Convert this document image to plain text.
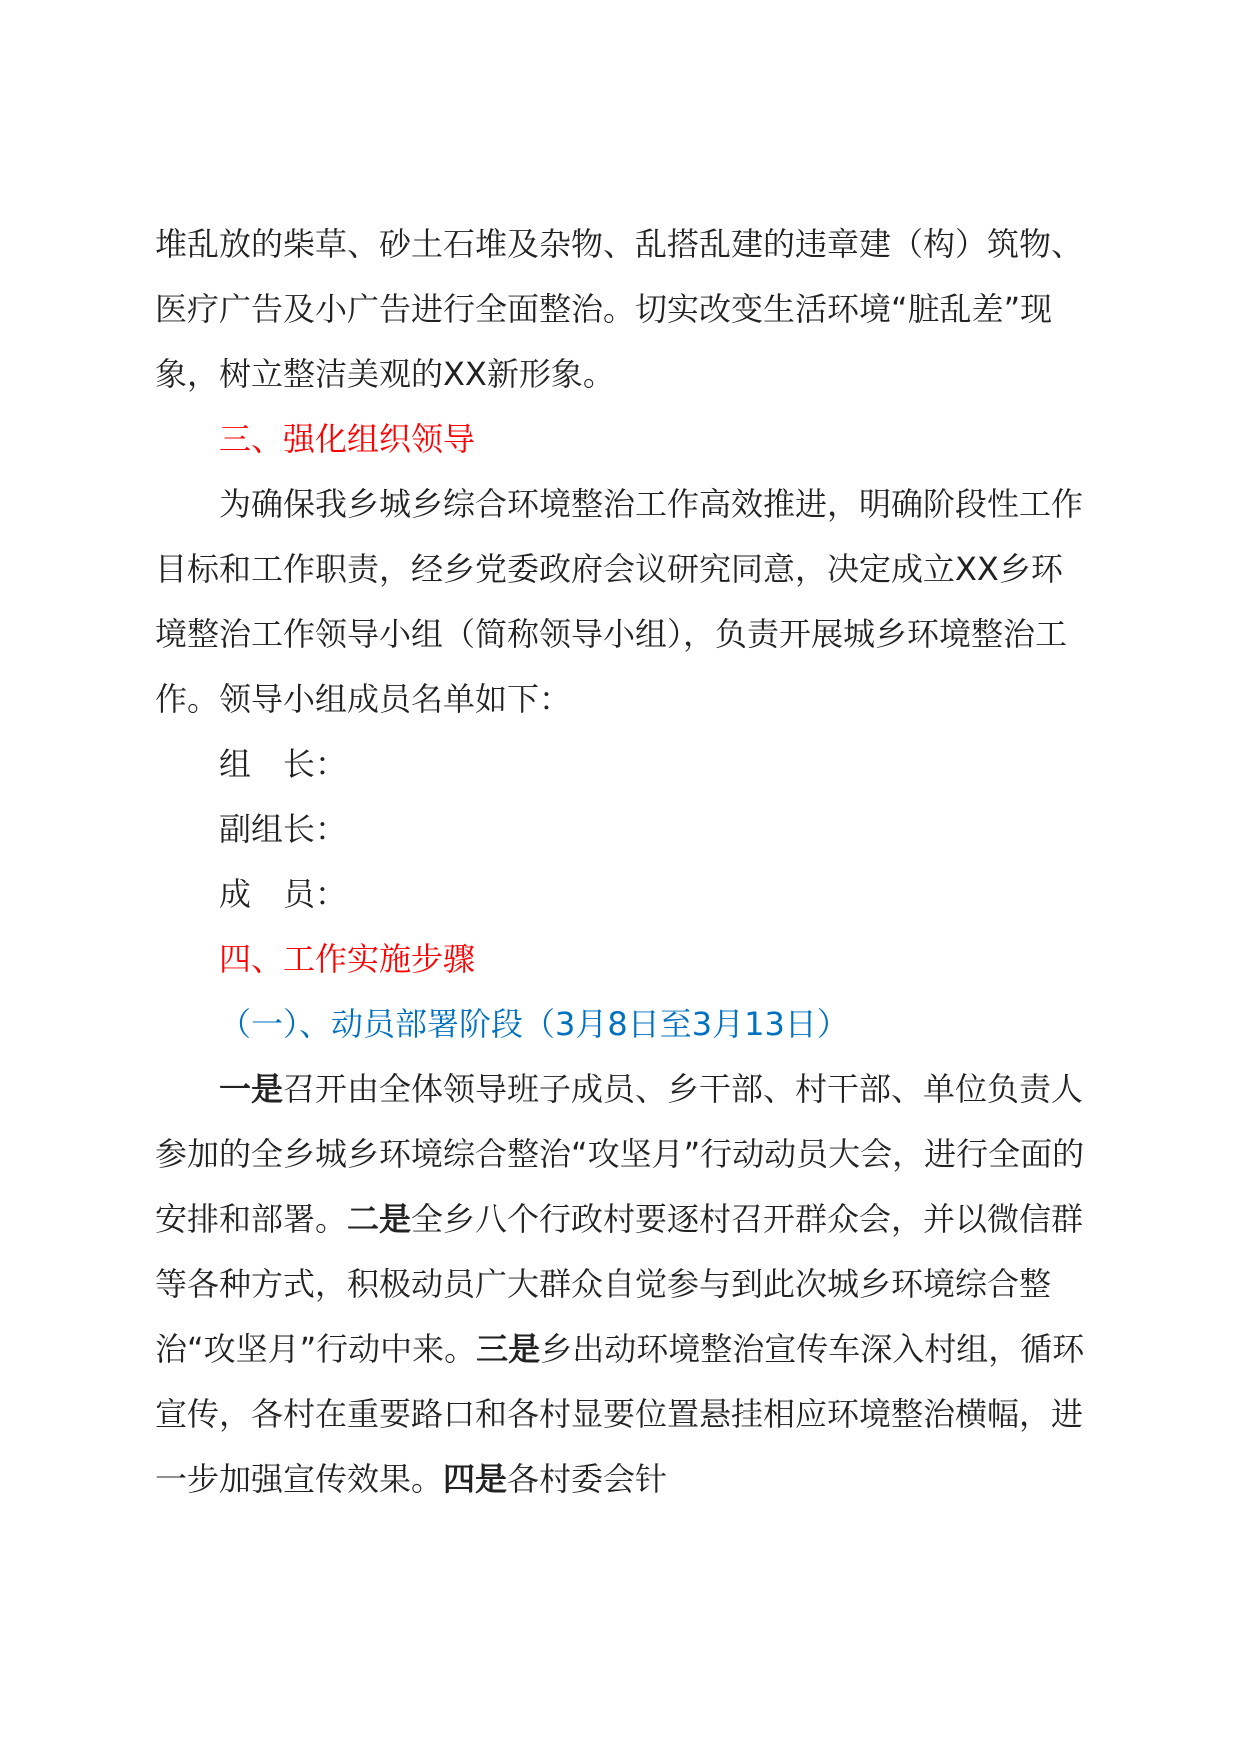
堆乱放的柴草、砂土石堆及杂物、乱搭乱建的违章建（构）筑物、医疗广告及小广告进行全面整治。切实改变生活环境“脏乱差”现象，树立整洁美观的XX新形象。

三、强化组织领导

为确保我乡城乡综合环境整治工作高效推进，明确阶段性工作目标和工作职责，经乡党委政府会议研究同意，决定成立XX乡环境整治工作领导小组（简称领导小组），负责开展城乡环境整治工作。领导小组成员名单如下：

组　长：

副组长：

成　员：

四、工作实施步骤

（一）、动员部署阶段（3月8日至3月13日）

一是召开由全体领导班子成员、乡干部、村干部、单位负责人参加的全乡城乡环境综合整治“攻坚月”行动动员大会，进行全面的安排和部署。二是全乡八个行政村要逐村召开群众会，并以微信群等各种方式，积极动员广大群众自觉参与到此次城乡环境综合整治“攻坚月”行动中来。三是乡出动环境整治宣传车深入村组，循环宣传，各村在重要路口和各村显要位置悬挂相应环境整治横幅，进一步加强宣传效果。四是各村委会针
